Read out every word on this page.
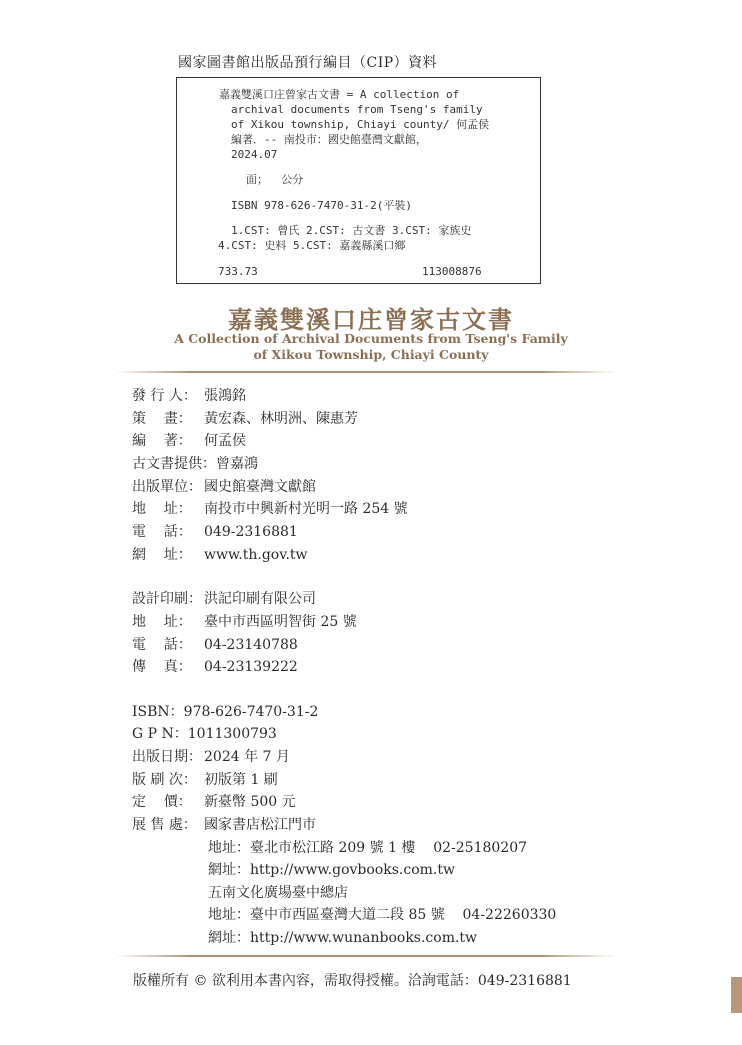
國家圖書館出版品預行編目（CIP）資料
嘉義雙溪口庄曾家古文書 = A collection of
archival documents from Tseng's family
of Xikou township, Chiayi county/ 何孟侯
編著．-- 南投市：國史館臺灣文獻館，
2024.07
面；  公分
ISBN 978-626-7470-31-2(平裝)
1.CST: 曾氏 2.CST: 古文書 3.CST: 家族史
4.CST: 史料 5.CST: 嘉義縣溪口鄉
733.73	113008876
嘉義雙溪口庄曾家古文書
A Collection of Archival Documents from Tseng's Family
of Xikou Township, Chiayi County
發 行 人： 張鴻銘
策    畫： 黃宏森、林明洲、陳惠芳
編    著： 何孟侯
古文書提供：曾嘉鴻
出版單位： 國史館臺灣文獻館
地    址： 南投市中興新村光明一路 254 號
電    話： 049-2316881
網    址： www.th.gov.tw
設計印刷： 洪記印刷有限公司
地    址： 臺中市西區明智街 25 號
電    話： 04-23140788
傳    真： 04-23139222
ISBN：978-626-7470-31-2
G P N：1011300793
出版日期： 2024 年 7 月
版 刷 次： 初版第 1 刷
定    價： 新臺幣 500 元
展 售 處： 國家書店松江門市
地址：臺北市松江路 209 號 1 樓    02-25180207
網址：http://www.govbooks.com.tw
五南文化廣場臺中總店
地址：臺中市西區臺灣大道二段 85 號    04-22260330
網址：http://www.wunanbooks.com.tw
版權所有 © 欲利用本書內容，需取得授權。洽詢電話：049-2316881
